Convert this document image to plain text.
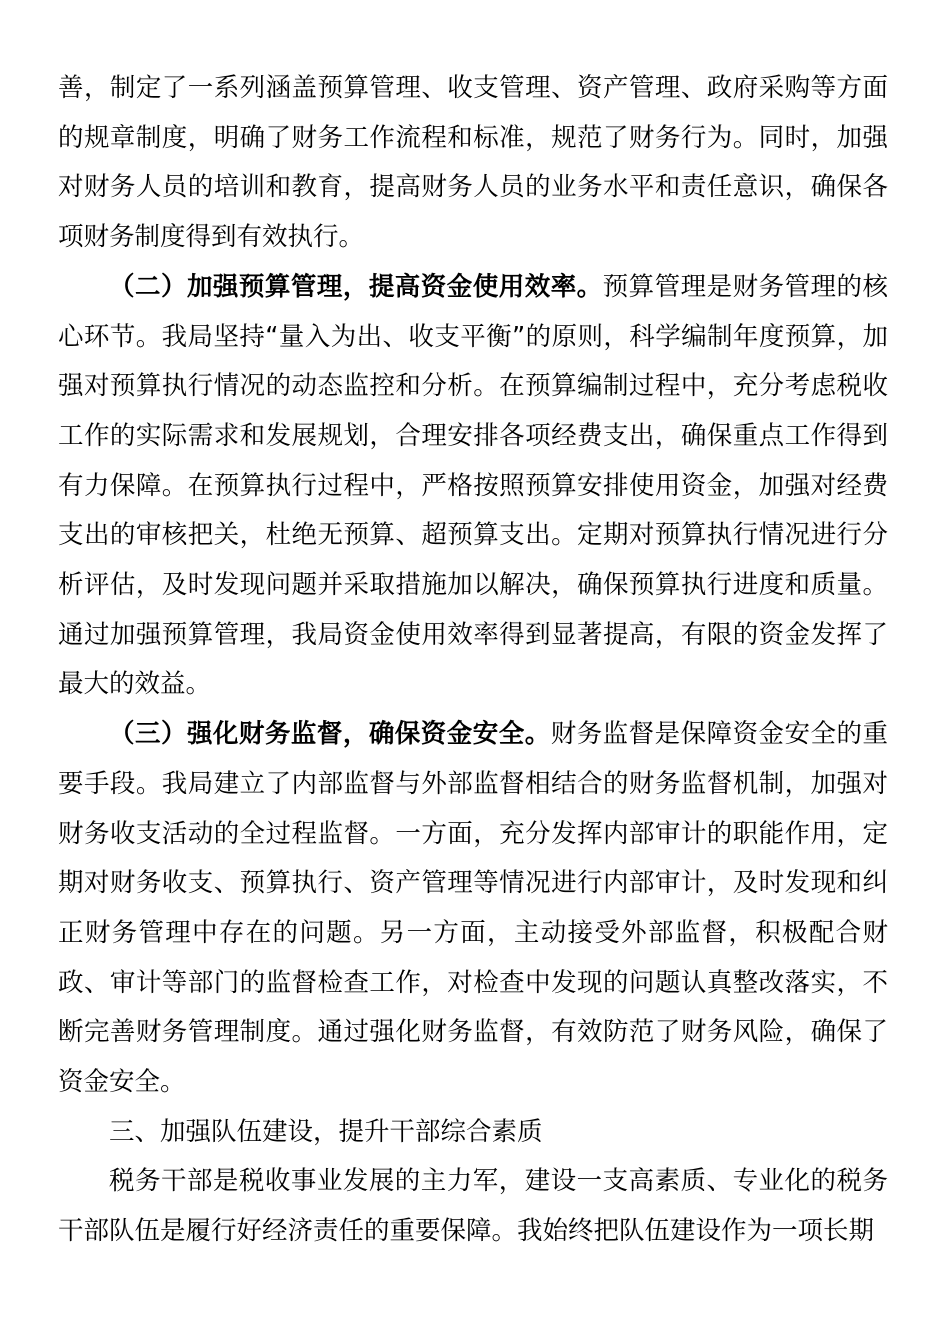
善，制定了一系列涵盖预算管理、收支管理、资产管理、政府采购等方面的规章制度，明确了财务工作流程和标准，规范了财务行为。同时，加强对财务人员的培训和教育，提高财务人员的业务水平和责任意识，确保各项财务制度得到有效执行。

（二）加强预算管理，提高资金使用效率。预算管理是财务管理的核心环节。我局坚持“量入为出、收支平衡”的原则，科学编制年度预算，加强对预算执行情况的动态监控和分析。在预算编制过程中，充分考虑税收工作的实际需求和发展规划，合理安排各项经费支出，确保重点工作得到有力保障。在预算执行过程中，严格按照预算安排使用资金，加强对经费支出的审核把关，杜绝无预算、超预算支出。定期对预算执行情况进行分析评估，及时发现问题并采取措施加以解决，确保预算执行进度和质量。通过加强预算管理，我局资金使用效率得到显著提高，有限的资金发挥了最大的效益。

（三）强化财务监督，确保资金安全。财务监督是保障资金安全的重要手段。我局建立了内部监督与外部监督相结合的财务监督机制，加强对财务收支活动的全过程监督。一方面，充分发挥内部审计的职能作用，定期对财务收支、预算执行、资产管理等情况进行内部审计，及时发现和纠正财务管理中存在的问题。另一方面，主动接受外部监督，积极配合财政、审计等部门的监督检查工作，对检查中发现的问题认真整改落实，不断完善财务管理制度。通过强化财务监督，有效防范了财务风险，确保了资金安全。

三、加强队伍建设，提升干部综合素质

税务干部是税收事业发展的主力军，建设一支高素质、专业化的税务干部队伍是履行好经济责任的重要保障。我始终把队伍建设作为一项长期
